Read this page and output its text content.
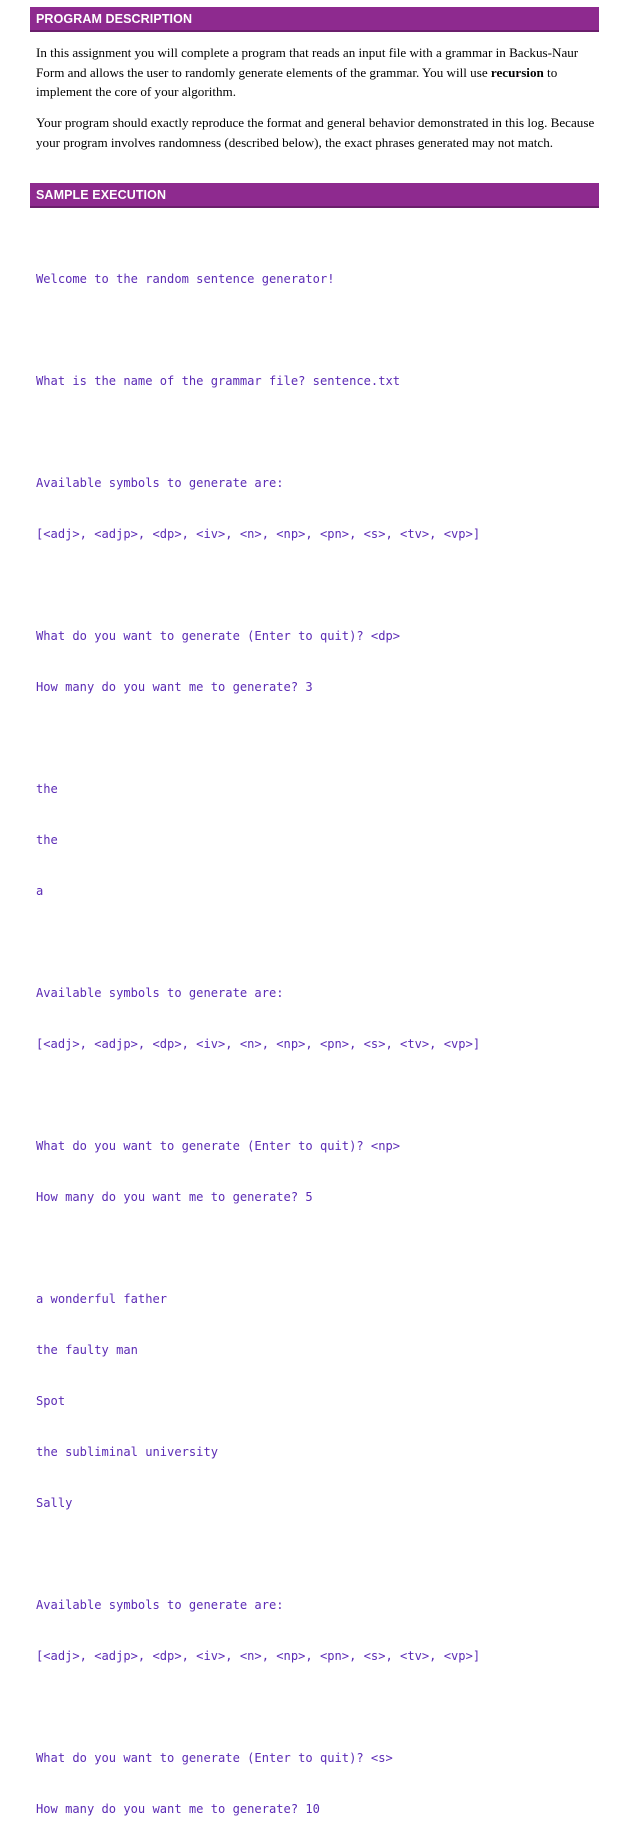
PROGRAM DESCRIPTION

In this assignment you will complete a program that reads an input file with a grammar in Backus-Naur Form and allows the user to randomly generate elements of the grammar. You will use recursion to implement the core of your algorithm.

Your program should exactly reproduce the format and general behavior demonstrated in this log. Because your program involves randomness (described below), the exact phrases generated may not match.

SAMPLE EXECUTION

Welcome to the random sentence generator!

What is the name of the grammar file? sentence.txt

Available symbols to generate are:

[<adj>, <adjp>, <dp>, <iv>, <n>, <np>, <pn>, <s>, <tv>, <vp>]

What do you want to generate (Enter to quit)? <dp>

How many do you want me to generate? 3

the

the

a

Available symbols to generate are:

[<adj>, <adjp>, <dp>, <iv>, <n>, <np>, <pn>, <s>, <tv>, <vp>]

What do you want to generate (Enter to quit)? <np>

How many do you want me to generate? 5

a wonderful father

the faulty man

Spot

the subliminal university

Sally

Available symbols to generate are:

[<adj>, <adjp>, <dp>, <iv>, <n>, <np>, <pn>, <s>, <tv>, <vp>]

What do you want to generate (Enter to quit)? <s>

How many do you want me to generate? 10
